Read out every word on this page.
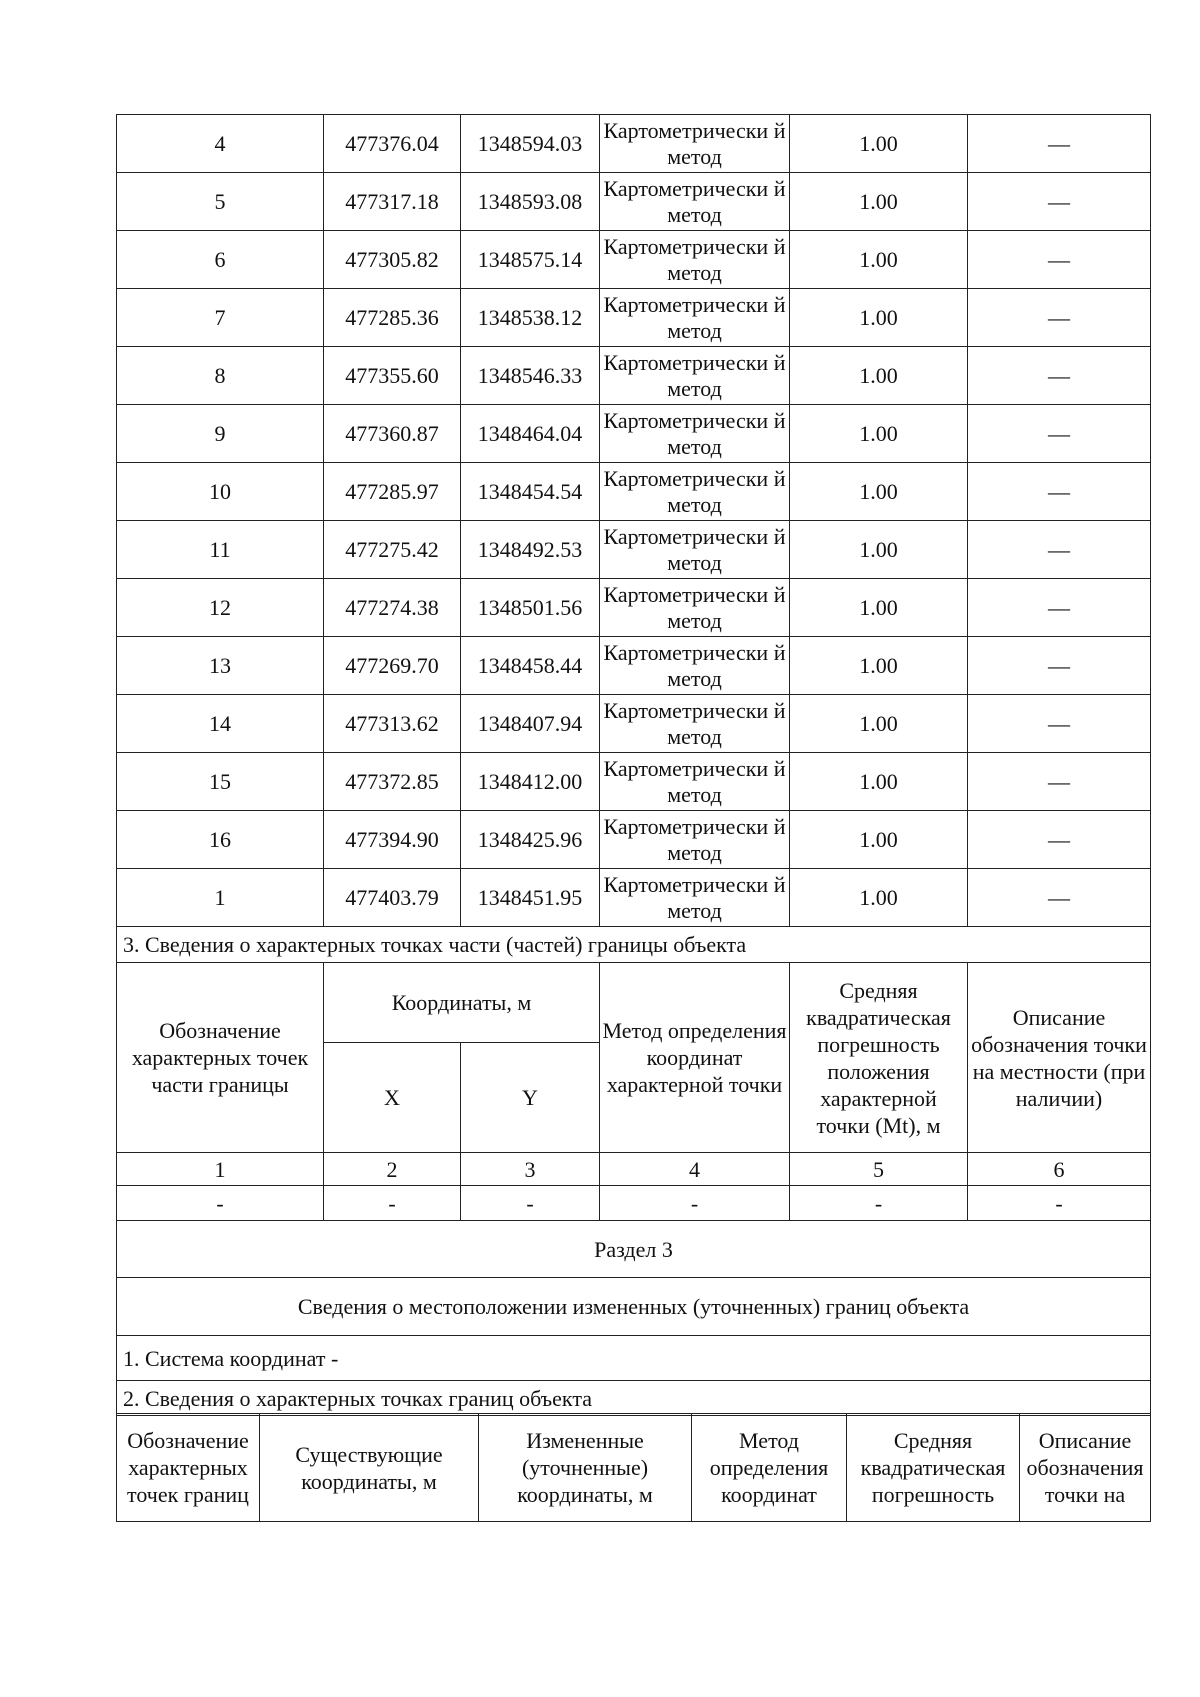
4	477376.04	1348594.03	Картометрически й метод	1.00	—
5	477317.18	1348593.08	Картометрически й метод	1.00	—
6	477305.82	1348575.14	Картометрически й метод	1.00	—
7	477285.36	1348538.12	Картометрически й метод	1.00	—
8	477355.60	1348546.33	Картометрически й метод	1.00	—
9	477360.87	1348464.04	Картометрически й метод	1.00	—
10	477285.97	1348454.54	Картометрически й метод	1.00	—
11	477275.42	1348492.53	Картометрически й метод	1.00	—
12	477274.38	1348501.56	Картометрически й метод	1.00	—
13	477269.70	1348458.44	Картометрически й метод	1.00	—
14	477313.62	1348407.94	Картометрически й метод	1.00	—
15	477372.85	1348412.00	Картометрически й метод	1.00	—
16	477394.90	1348425.96	Картометрически й метод	1.00	—
1	477403.79	1348451.95	Картометрически й метод	1.00	—
3. Сведения о характерных точках части (частей) границы объекта					
Обозначение характерных точек части границы	Координаты, м		Метод определения координат характерной точки	Средняя квадратическая погрешность положения характерной точки (Mt), м	Описание обозначения точки на местности (при наличии)
	X	Y			
1	2	3	4	5	6
-	-	-	-	-	-
Раздел 3					
Сведения о местоположении измененных (уточненных) границ объекта					
1. Система координат -					
2. Сведения о характерных точках границ объекта					
Обозначение характерных точек границ	Существующие координаты, м	Измененные (уточненные) координаты, м	Метод определения координат	Средняя квадратическая погрешность	Описание обозначения точки на
